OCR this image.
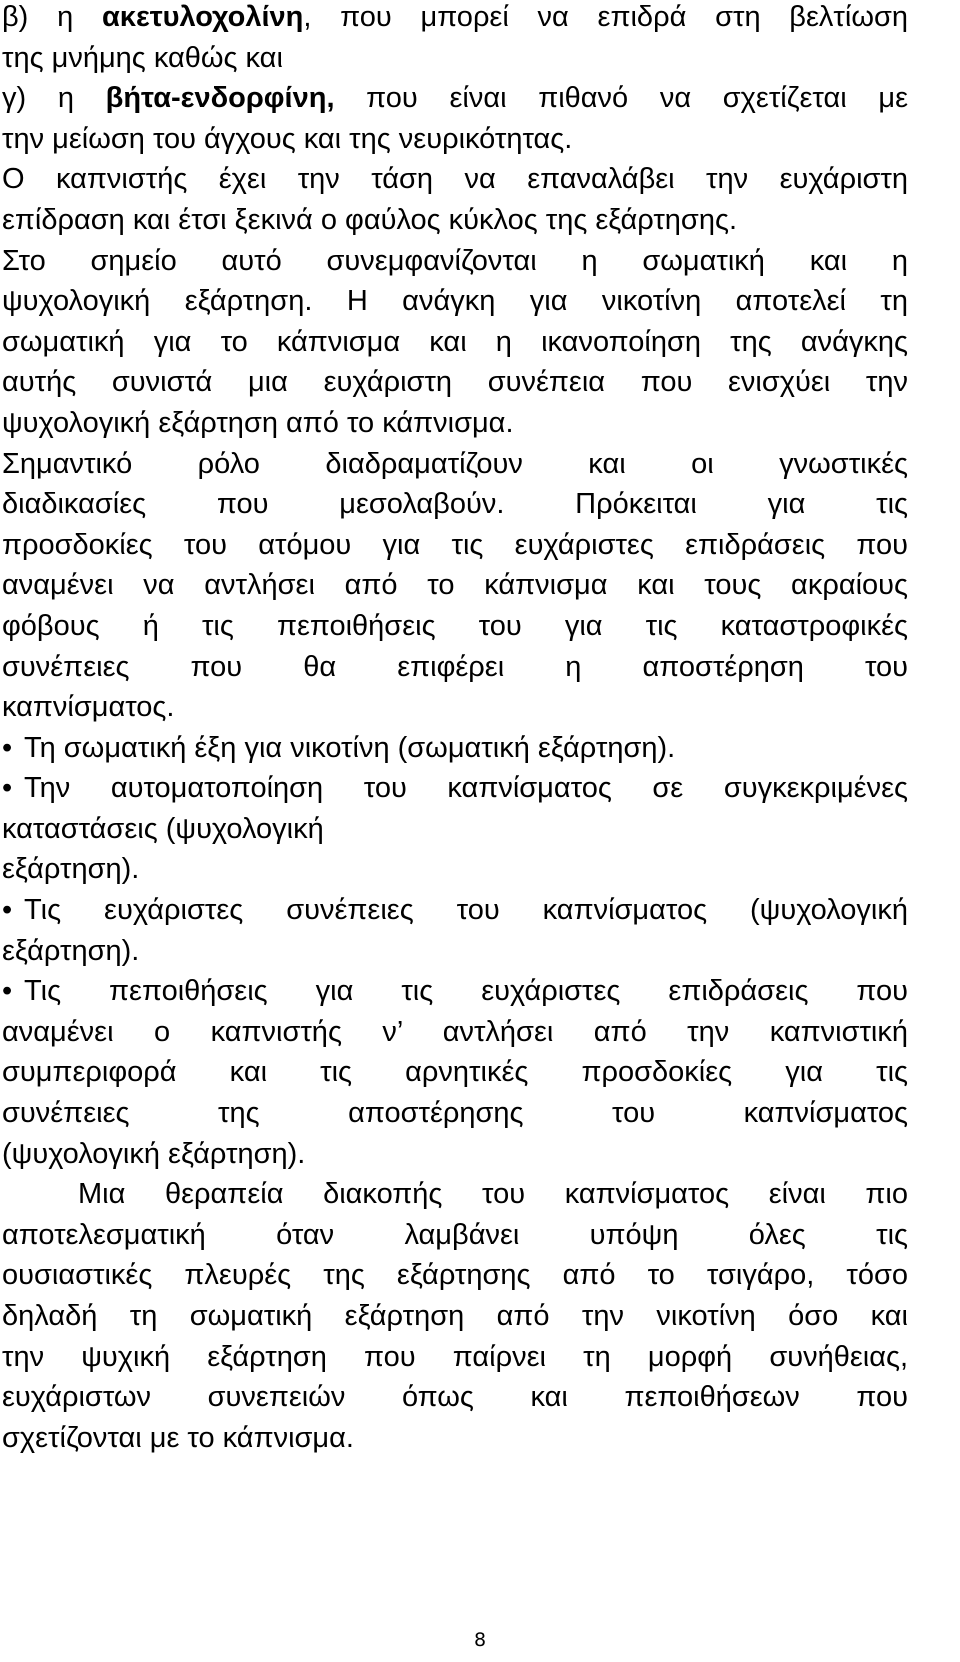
β) η ακετυλοχολίνη, που μπορεί να επιδρά στη βελτίωση
της μνήμης καθώς και
γ) η βήτα-ενδορφίνη, που είναι πιθανό να σχετίζεται με
την μείωση του άγχους και της νευρικότητας.
Ο καπνιστής έχει την τάση να επαναλάβει την ευχάριστη
επίδραση και έτσι ξεκινά ο φαύλος κύκλος της εξάρτησης.
Στο σημείο αυτό συνεμφανίζονται η σωματική και η
ψυχολογική εξάρτηση. Η ανάγκη για νικοτίνη αποτελεί τη
σωματική για το κάπνισμα και η ικανοποίηση της ανάγκης
αυτής συνιστά μια ευχάριστη συνέπεια που ενισχύει την
ψυχολογική εξάρτηση από το κάπνισμα.
Σημαντικό ρόλο διαδραματίζουν και οι γνωστικές
διαδικασίες που μεσολαβούν. Πρόκειται για τις
προσδοκίες του ατόμου για τις ευχάριστες επιδράσεις που
αναμένει να αντλήσει από το κάπνισμα και τους ακραίους
φόβους ή τις πεποιθήσεις του για τις καταστροφικές
συνέπειες που θα επιφέρει η αποστέρηση του
καπνίσματος.
• Τη σωματική έξη για νικοτίνη (σωματική εξάρτηση).
• Την αυτοματοποίηση του καπνίσματος σε συγκεκριμένες
καταστάσεις (ψυχολογική
εξάρτηση).
• Τις ευχάριστες συνέπειες του καπνίσματος (ψυχολογική
εξάρτηση).
• Τις πεποιθήσεις για τις ευχάριστες επιδράσεις που
αναμένει ο καπνιστής ν’ αντλήσει από την καπνιστική
συμπεριφορά και τις αρνητικές προσδοκίες για τις
συνέπειες της αποστέρησης του καπνίσματος
(ψυχολογική εξάρτηση).
Μια θεραπεία διακοπής του καπνίσματος είναι πιο
αποτελεσματική όταν λαμβάνει υπόψη όλες τις
ουσιαστικές πλευρές της εξάρτησης από το τσιγάρο, τόσο
δηλαδή τη σωματική εξάρτηση από την νικοτίνη όσο και
την ψυχική εξάρτηση που παίρνει τη μορφή συνήθειας,
ευχάριστων συνεπειών όπως και πεποιθήσεων που
σχετίζονται με το κάπνισμα.
8
